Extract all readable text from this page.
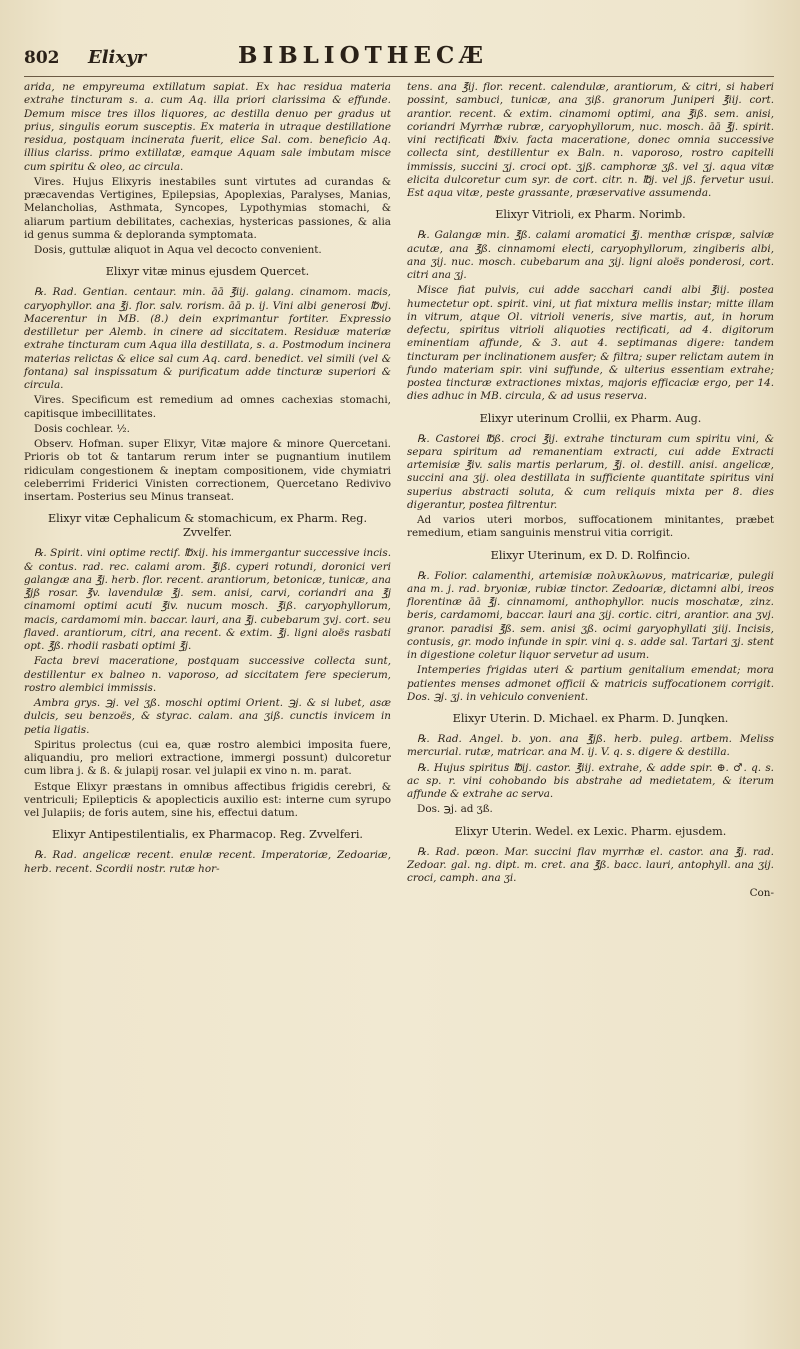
802	Elixyr	BIBLIOTHECÆ

arida, ne empyreuma extillatum sapiat. Ex hac residua materia extrahe tincturam s. a. cum Aq. illa priori clarissima & effunde. Demum misce tres illos liquores, ac destilla denuo per gradus ut prius, singulis eorum susceptis. Ex materia in utraque destillatione residua, postquam incinerata fuerit, elice Sal. com. beneficio Aq. illius clariss. primo extillatæ, eamque Aquam sale imbutam misce cum spiritu & oleo, ac circula.

Vires. Hujus Elixyris inestabiles sunt virtutes ad curandas & præcavendas Vertigines, Epilepsias, Apoplexias, Paralyses, Manias, Melancholias, Asthmata, Syncopes, Lypothymias stomachi, & aliarum partium debilitates, cachexias, hystericas passiones, & alia id genus summa & deploranda symptomata.

Dosis, guttulæ aliquot in Aqua vel decocto convenient.

Elixyr vitæ minus ejusdem Quercet.

℞. Rad. Gentian. centaur. min. āā ℥iij. galang. cinamom. macis, caryophyllor. ana ℥j. flor. salv. rorism. āā p. ij. Vini albi generosi ℔vj. Macerentur in MB. (8.) dein exprimantur fortiter. Expressio destilletur per Alemb. in cinere ad siccitatem. Residuæ materiæ extrahe tincturam cum Aqua illa destillata, s. a. Postmodum incinera materias relictas & elice sal cum Aq. card. benedict. vel simili (vel & fontana) sal inspissatum & purificatum adde tincturæ superiori & circula.

Vires. Specificum est remedium ad omnes cachexias stomachi, capitisque imbecillitates.

Dosis cochlear. ½.

Observ. Hofman. super Elixyr, Vitæ majore & minore Quercetani. Prioris ob tot & tantarum rerum inter se pugnantium inutilem ridiculam congestionem & ineptam compositionem, vide chymiatri celeberrimi Friderici Vinisten correctionem, Quercetano Redivivo insertam. Posterius seu Minus transeat.

Elixyr vitæ Cephalicum & stomachicum, ex Pharm. Reg. Zvvelfer.

℞. Spirit. vini optime rectif. ℔xij. his immergantur successive incis. & contus. rad. rec. calami arom. ℥iß. cyperi rotundi, doronici veri galangæ ana ℥j. herb. flor. recent. arantiorum, betonicæ, tunicæ, ana ℥jß rosar. ℥v. lavendulæ ℥j. sem. anisi, carvi, coriandri ana ℥j cinamomi optimi acuti ℥iv. nucum mosch. ℥iß. caryophyllorum, macis, cardamomi min. baccar. lauri, ana ℥j. cubebarum ʒvj. cort. seu flaved. arantiorum, citri, ana recent. & extim. ℥j. ligni aloës rasbati opt. ℥ß. rhodii rasbati optimi ℥j.

Facta brevi maceratione, postquam successive collecta sunt, destillentur ex balneo n. vaporoso, ad siccitatem fere specierum, rostro alembici immissis.

Ambra grys. ℈j. vel ʒß. moschi optimi Orient. ℈j. & si lubet, asæ dulcis, seu benzoës, & styrac. calam. ana ʒiß. cunctis invicem in petia ligatis.

Spiritus prolectus (cui ea, quæ rostro alembici imposita fuere, aliquandiu, pro meliori extractione, immergi possunt) dulcoretur cum libra j. & ß. & julapij rosar. vel julapii ex vino n. m. parat.

Estque Elixyr præstans in omnibus affectibus frigidis cerebri, & ventriculi; Epilepticis & apoplecticis auxilio est: interne cum syrupo vel Julapiis; de foris autem, sine his, effectui datum.

Elixyr Antipestilentialis, ex Pharmacop. Reg. Zvvelferi.

℞. Rad. angelicæ recent. enulæ recent. Imperatoriæ, Zedoariæ, herb. recent. Scordii nostr. rutæ hor-

tens. ana ℥ij. flor. recent. calendulæ, arantiorum, & citri, si haberi possint, sambuci, tunicæ, ana ʒiß. granorum Juniperi ℥iij. cort. arantior. recent. & extim. cinamomi optimi, ana ℥iß. sem. anisi, coriandri Myrrhæ rubræ, caryophyllorum, nuc. mosch. āā ℥j. spirit. vini rectificati ℔xiv. facta maceratione, donec omnia successive collecta sint, destillentur ex Baln. n. vaporoso, rostro capitelli immissis, succini ʒj. croci opt. ʒjß. camphoræ ʒß. vel ʒj. aqua vitæ elicita dulcoretur cum syr. de cort. citr. n. ℔j. vel jß. fervetur usui. Est aqua vitæ, peste grassante, præservative assumenda.

Elixyr Vitrioli, ex Pharm. Norimb.

℞. Galangæ min. ℥ß. calami aromatici ℥j. menthæ crispæ, salviæ acutæ, ana ℥ß. cinnamomi electi, caryophyllorum, zingiberis albi, ana ʒij. nuc. mosch. cubebarum ana ʒij. ligni aloës ponderosi, cort. citri ana ʒj.

Misce fiat pulvis, cui adde sacchari candi albi ℥iij. postea humectetur opt. spirit. vini, ut fiat mixtura mellis instar; mitte illam in vitrum, atque Ol. vitrioli veneris, sive martis, aut, in horum defectu, spiritus vitrioli aliquoties rectificati, ad 4. digitorum eminentiam affunde, & 3. aut 4. septimanas digere: tandem tincturam per inclinationem ausfer; & filtra; super relictam autem in fundo materiam spir. vini suffunde, & ulterius essentiam extrahe; postea tincturæ extractiones mixtas, majoris efficaciæ ergo, per 14. dies adhuc in MB. circula, & ad usus reserva.

Elixyr uterinum Crollii, ex Pharm. Aug.

℞. Castorei ℔ß. croci ℥ij. extrahe tincturam cum spiritu vini, & separa spiritum ad remanentiam extracti, cui adde Extracti artemisiæ ℥iv. salis martis perlarum, ℥j. ol. destill. anisi. angelicæ, succini ana ʒij. olea destillata in sufficiente quantitate spiritus vini superius abstracti soluta, & cum reliquis mixta per 8. dies digerantur, postea filtrentur.

Ad varios uteri morbos, suffocationem minitantes, præbet remedium, etiam sanguinis menstrui vitia corrigit.

Elixyr Uterinum, ex D. D. Rolfincio.

℞. Folior. calamenthi, artemisiæ πολυκλωνυs, matricariæ, pulegii ana m. j. rad. bryoniæ, rubiæ tinctor. Zedoariæ, dictamni albi, ireos florentinæ āā ℥j. cinnamomi, anthophyllor. nucis moschatæ, zinz. beris, cardamomi, baccar. lauri ana ʒij. cortic. citri, arantior. ana ʒvj. granor. paradisi ℥ß. sem. anisi ʒß. ocimi garyophyllati ʒiij. Incisis, contusis, gr. modo infunde in spir. vini q. s. adde sal. Tartari ʒj. stent in digestione coletur liquor servetur ad usum.

Intemperies frigidas uteri & partium genitalium emendat; mora patientes menses admonet officii & matricis suffocationem corrigit. Dos. ℈j. ʒj. in vehiculo convenient.

Elixyr Uterin. D. Michael. ex Pharm. D. Junqken.

℞. Rad. Angel. b. yon. ana ℥jß. herb. puleg. artbem. Meliss mercurial. rutæ, matricar. ana M. ij. V. q. s. digere & destilla.

℞. Hujus spiritus ℔ij. castor. ℥iij. extrahe, & adde spir. ⊕. ♂. q. s. ac sp. r. vini cohobando bis abstrahe ad medietatem, & iterum affunde & extrahe ac serva.

Dos. ℈j. ad ʒß.

Elixyr Uterin. Wedel. ex Lexic. Pharm. ejusdem.

℞. Rad. pœon. Mar. succini flav myrrhæ el. castor. ana ℥j. rad. Zedoar. gal. ng. dipt. m. cret. ana ℥ß. bacc. lauri, antophyll. ana ʒij. croci, camph. ana ʒi.

Con-
